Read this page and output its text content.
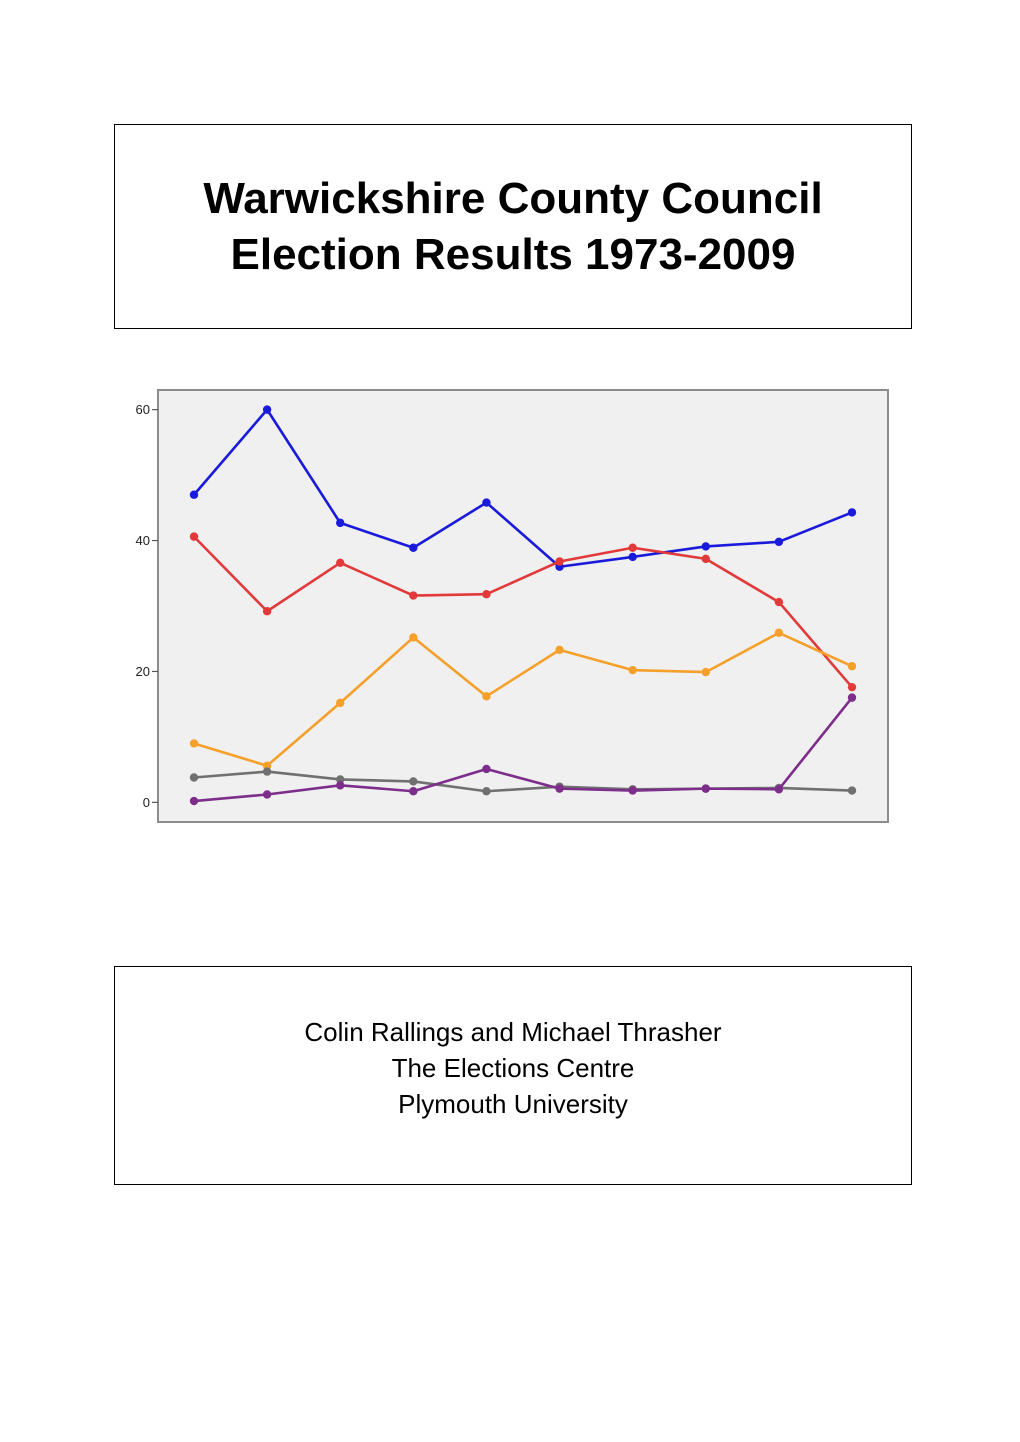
Warwickshire County Council
Election Results 1973-2009
0
20
40
60
Colin Rallings and Michael Thrasher
The Elections Centre
Plymouth University
